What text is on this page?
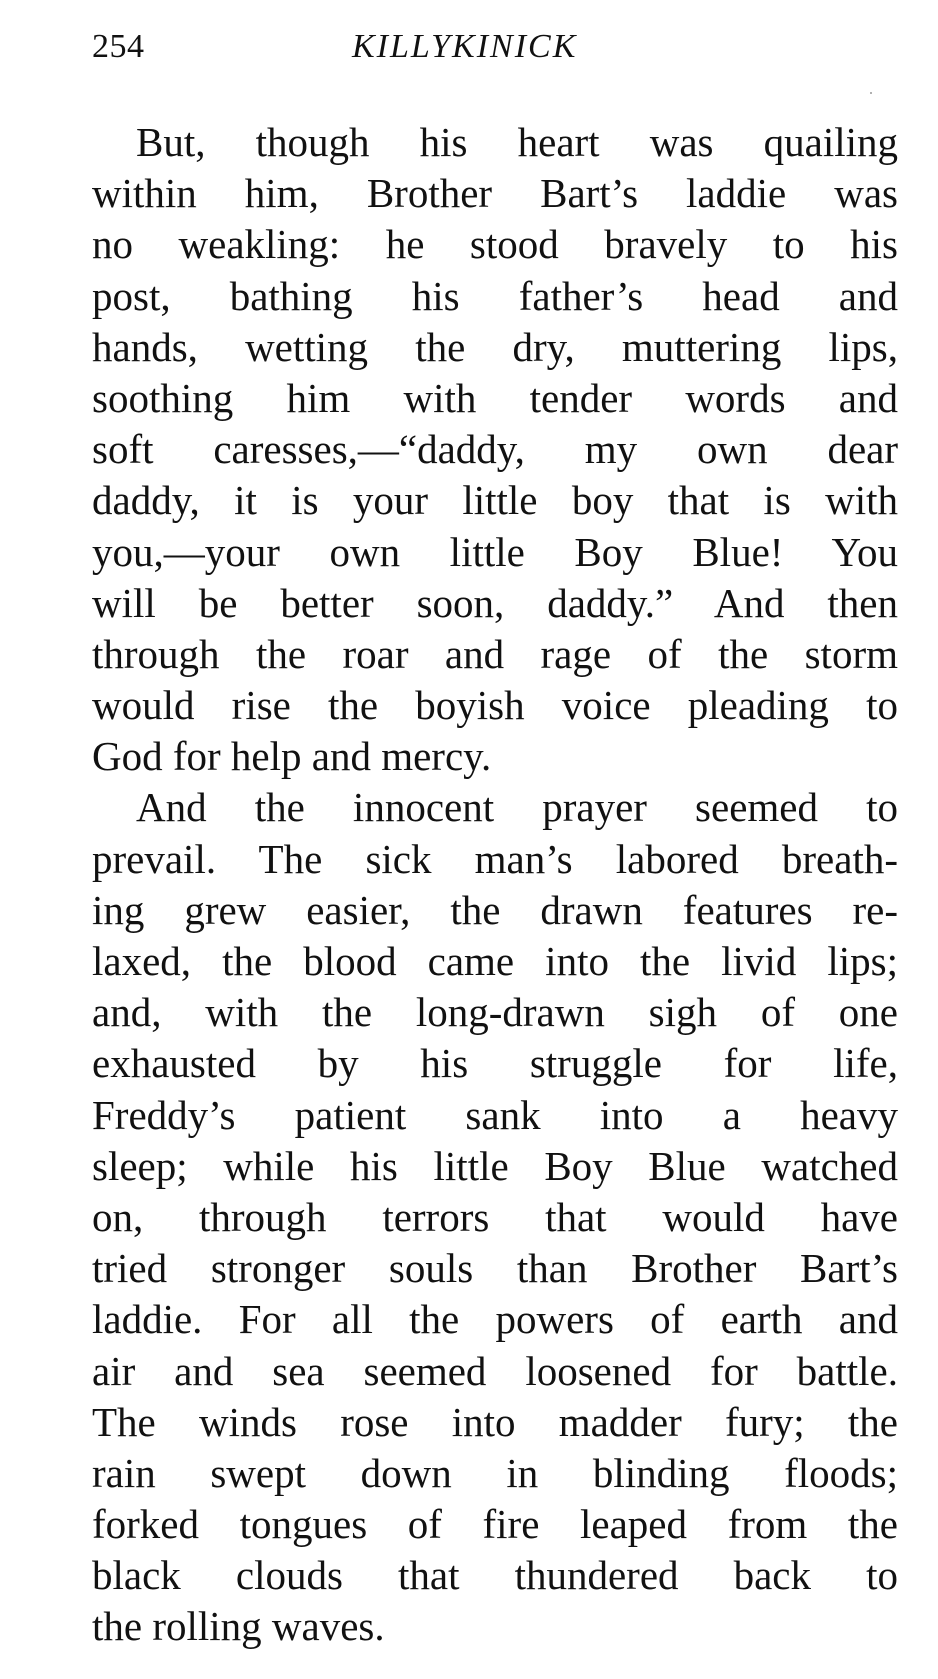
254	KILLYKINICK
But, though his heart was quailing
within him, Brother Bart’s laddie was
no weakling: he stood bravely to his
post, bathing his father’s head and
hands, wetting the dry, muttering lips,
soothing him with tender words and
soft caresses,—“daddy, my own dear
daddy, it is your little boy that is with
you,—your own little Boy Blue! You
will be better soon, daddy.” And then
through the roar and rage of the storm
would rise the boyish voice pleading to
God for help and mercy.
And the innocent prayer seemed to
prevail. The sick man’s labored breath-
ing grew easier, the drawn features re-
laxed, the blood came into the livid lips;
and, with the long-drawn sigh of one
exhausted by his struggle for life,
Freddy’s patient sank into a heavy
sleep; while his little Boy Blue watched
on, through terrors that would have
tried stronger souls than Brother Bart’s
laddie. For all the powers of earth and
air and sea seemed loosened for battle.
The winds rose into madder fury; the
rain swept down in blinding floods;
forked tongues of fire leaped from the
black clouds that thundered back to
the rolling waves.
